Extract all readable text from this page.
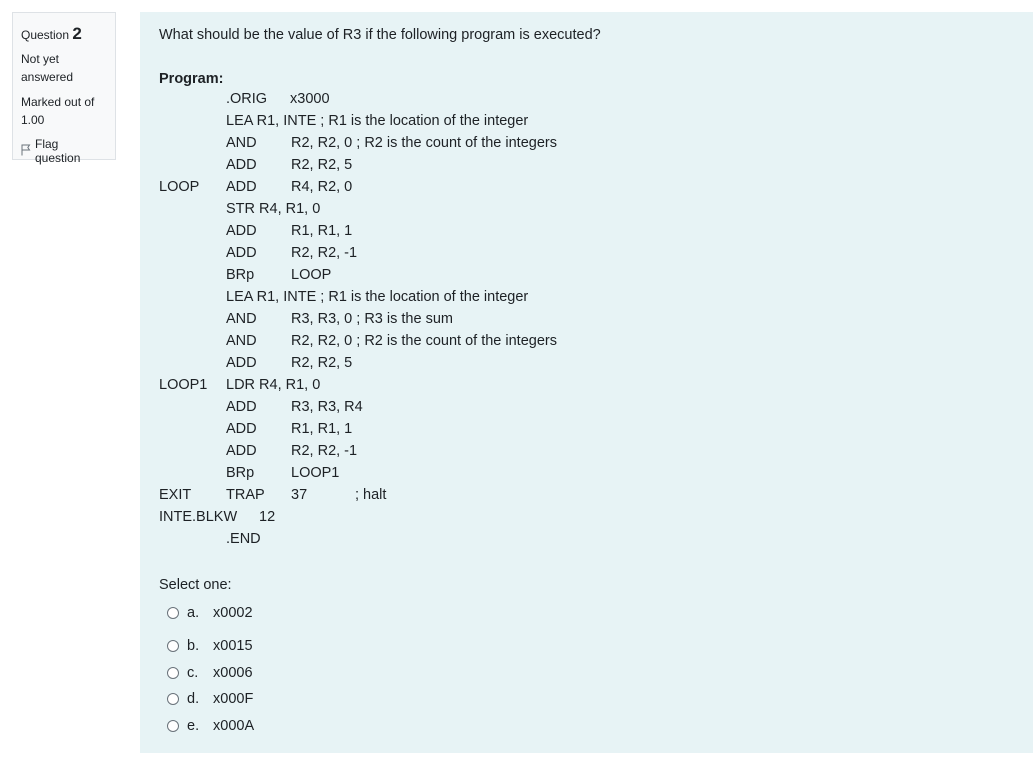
Question 2
Not yet
answered
Marked out of
1.00
Flag question
What should be the value of R3 if the following program is executed?
Program:
.ORIG x3000
LEA R1, INTE ; R1 is the location of the integer
AND R2, R2, 0 ; R2 is the count of the integers
ADD R2, R2, 5
LOOP ADD R4, R2, 0
STR R4, R1, 0
ADD R1, R1, 1
ADD R2, R2, -1
BRp	LOOP
LEA R1, INTE ; R1 is the location of the integer
AND R3, R3, 0 ; R3 is the sum
AND R2, R2, 0 ; R2 is the count of the integers
ADD R2, R2, 5
LOOP1 LDR R4, R1, 0
ADD R3, R3, R4
ADD R1, R1, 1
ADD R2, R2, -1
BRp	LOOP1
EXIT TRAP 37	; halt
INTE.BLKW 12
.END
Select one:
a. x0002
b. x0015
c.	x0006
d. x000F
e. x000A
